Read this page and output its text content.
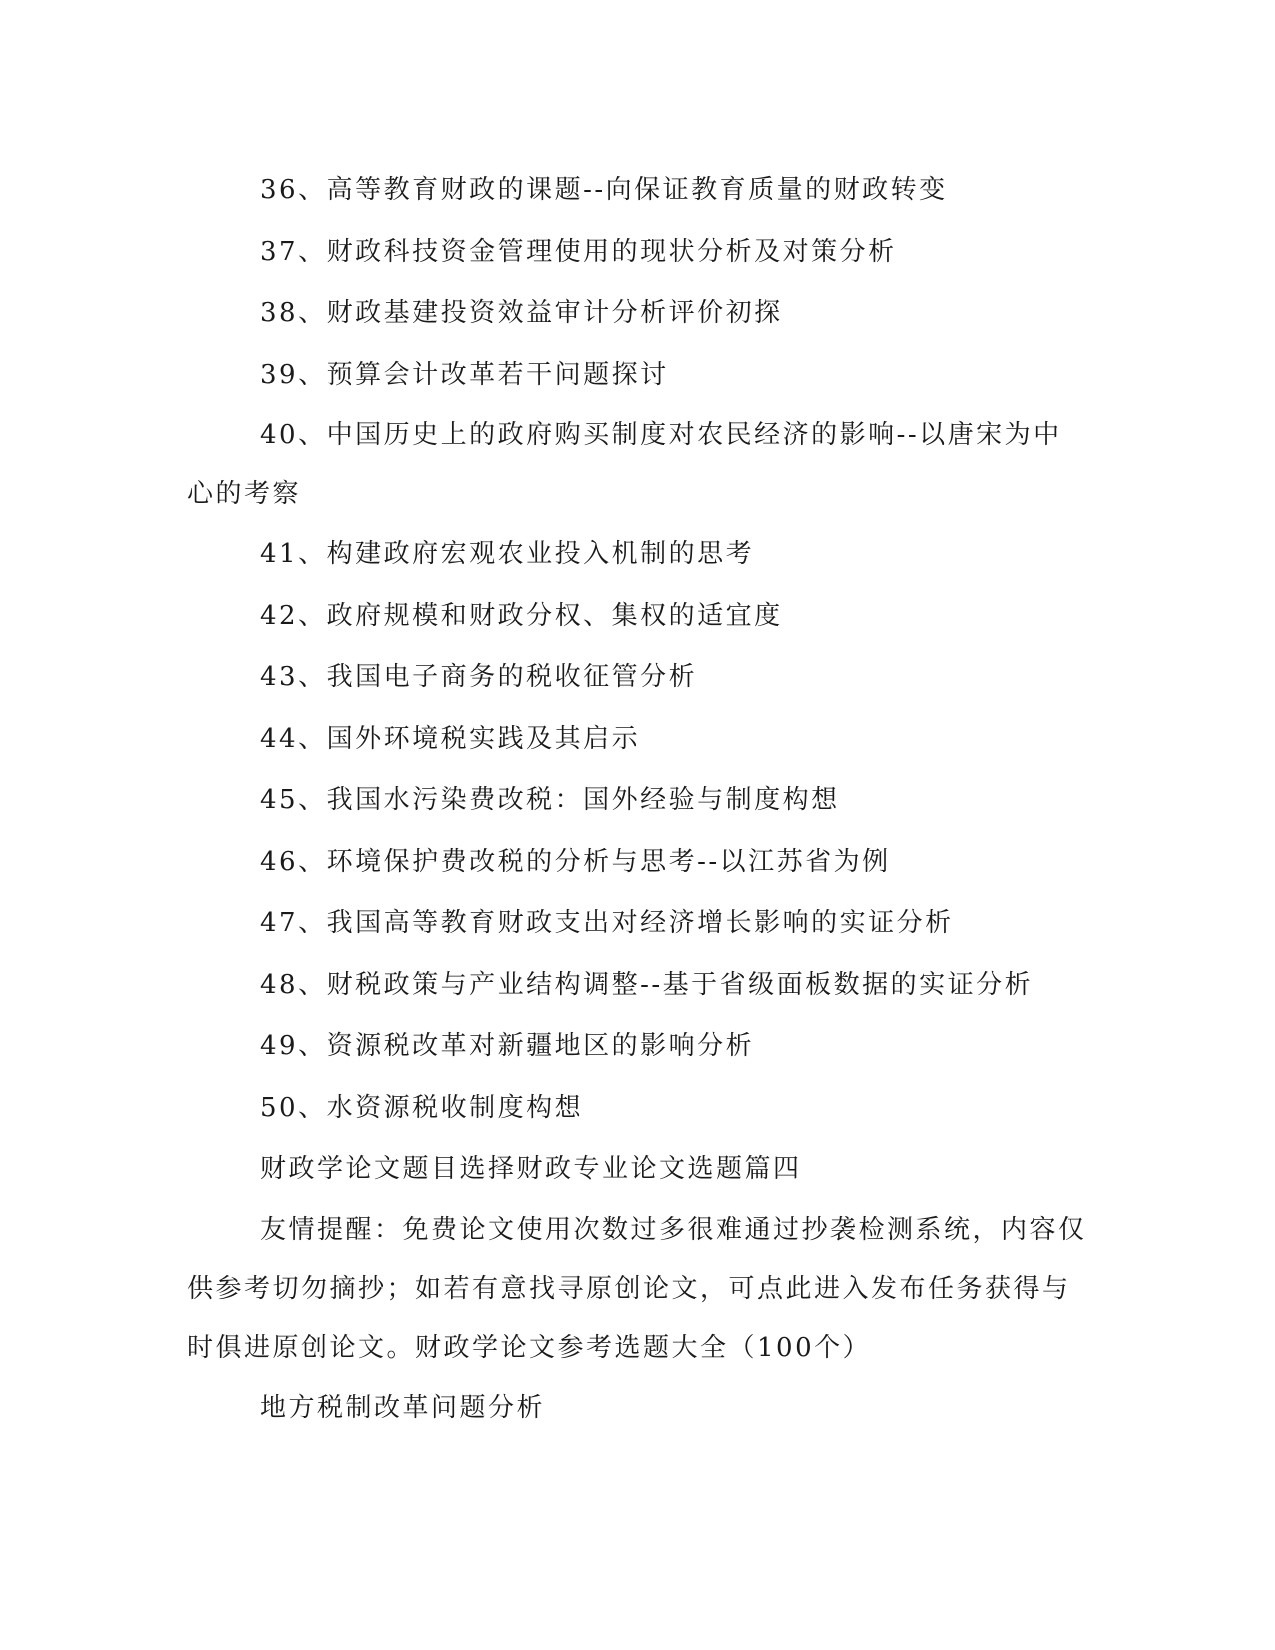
36、高等教育财政的课题--向保证教育质量的财政转变

37、财政科技资金管理使用的现状分析及对策分析

38、财政基建投资效益审计分析评价初探

39、预算会计改革若干问题探讨

40、中国历史上的政府购买制度对农民经济的影响--以唐宋为中心的考察

41、构建政府宏观农业投入机制的思考

42、政府规模和财政分权、集权的适宜度

43、我国电子商务的税收征管分析

44、国外环境税实践及其启示

45、我国水污染费改税：国外经验与制度构想

46、环境保护费改税的分析与思考--以江苏省为例

47、我国高等教育财政支出对经济增长影响的实证分析

48、财税政策与产业结构调整--基于省级面板数据的实证分析

49、资源税改革对新疆地区的影响分析

50、水资源税收制度构想

财政学论文题目选择财政专业论文选题篇四

友情提醒：免费论文使用次数过多很难通过抄袭检测系统，内容仅供参考切勿摘抄；如若有意找寻原创论文，可点此进入发布任务获得与时俱进原创论文。财政学论文参考选题大全（100个）

地方税制改革问题分析
